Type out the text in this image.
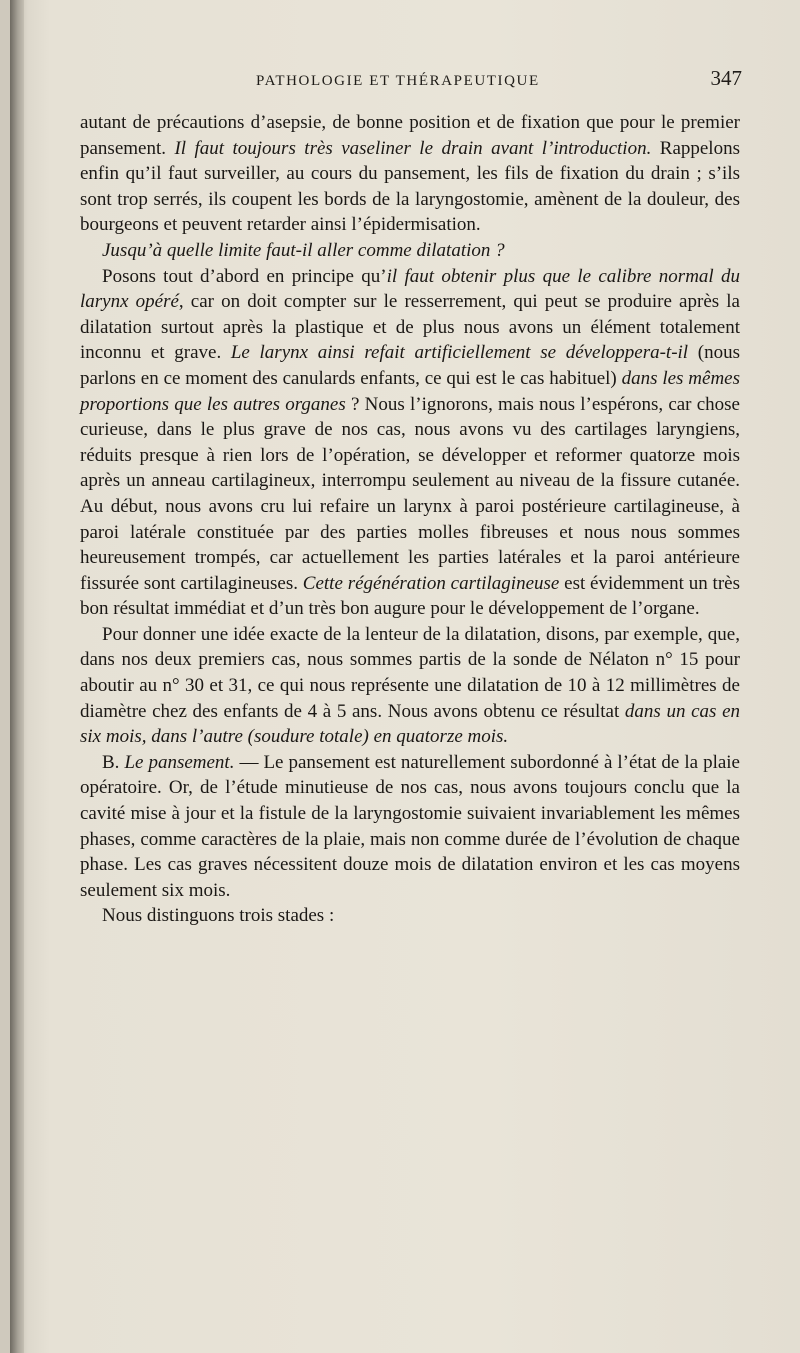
PATHOLOGIE ET THÉRAPEUTIQUE	347

autant de précautions d’asepsie, de bonne position et de fixation que pour le premier pansement. Il faut toujours très vaseliner le drain avant l’introduction. Rappelons enfin qu’il faut surveiller, au cours du pansement, les fils de fixation du drain ; s’ils sont trop serrés, ils coupent les bords de la laryngostomie, amènent de la douleur, des bourgeons et peuvent retarder ainsi l’épidermisation.

Jusqu’à quelle limite faut-il aller comme dilatation ?

Posons tout d’abord en principe qu’il faut obtenir plus que le calibre normal du larynx opéré, car on doit compter sur le resserrement, qui peut se produire après la dilatation surtout après la plastique et de plus nous avons un élément totalement inconnu et grave. Le larynx ainsi refait artificiellement se développera-t-il (nous parlons en ce moment des canulards enfants, ce qui est le cas habituel) dans les mêmes proportions que les autres organes ? Nous l’ignorons, mais nous l’espérons, car chose curieuse, dans le plus grave de nos cas, nous avons vu des cartilages laryngiens, réduits presque à rien lors de l’opération, se développer et reformer quatorze mois après un anneau cartilagineux, interrompu seulement au niveau de la fissure cutanée. Au début, nous avons cru lui refaire un larynx à paroi postérieure cartilagineuse, à paroi latérale constituée par des parties molles fibreuses et nous nous sommes heureusement trompés, car actuellement les parties latérales et la paroi antérieure fissurée sont cartilagineuses. Cette régénération cartilagineuse est évidemment un très bon résultat immédiat et d’un très bon augure pour le développement de l’organe.

Pour donner une idée exacte de la lenteur de la dilatation, disons, par exemple, que, dans nos deux premiers cas, nous sommes partis de la sonde de Nélaton n° 15 pour aboutir au n° 30 et 31, ce qui nous représente une dilatation de 10 à 12 millimètres de diamètre chez des enfants de 4 à 5 ans. Nous avons obtenu ce résultat dans un cas en six mois, dans l’autre (soudure totale) en quatorze mois.

B. Le pansement. — Le pansement est naturellement subordonné à l’état de la plaie opératoire. Or, de l’étude minutieuse de nos cas, nous avons toujours conclu que la cavité mise à jour et la fistule de la laryngostomie suivaient invariablement les mêmes phases, comme caractères de la plaie, mais non comme durée de l’évolution de chaque phase. Les cas graves nécessitent douze mois de dilatation environ et les cas moyens seulement six mois.

Nous distinguons trois stades :
